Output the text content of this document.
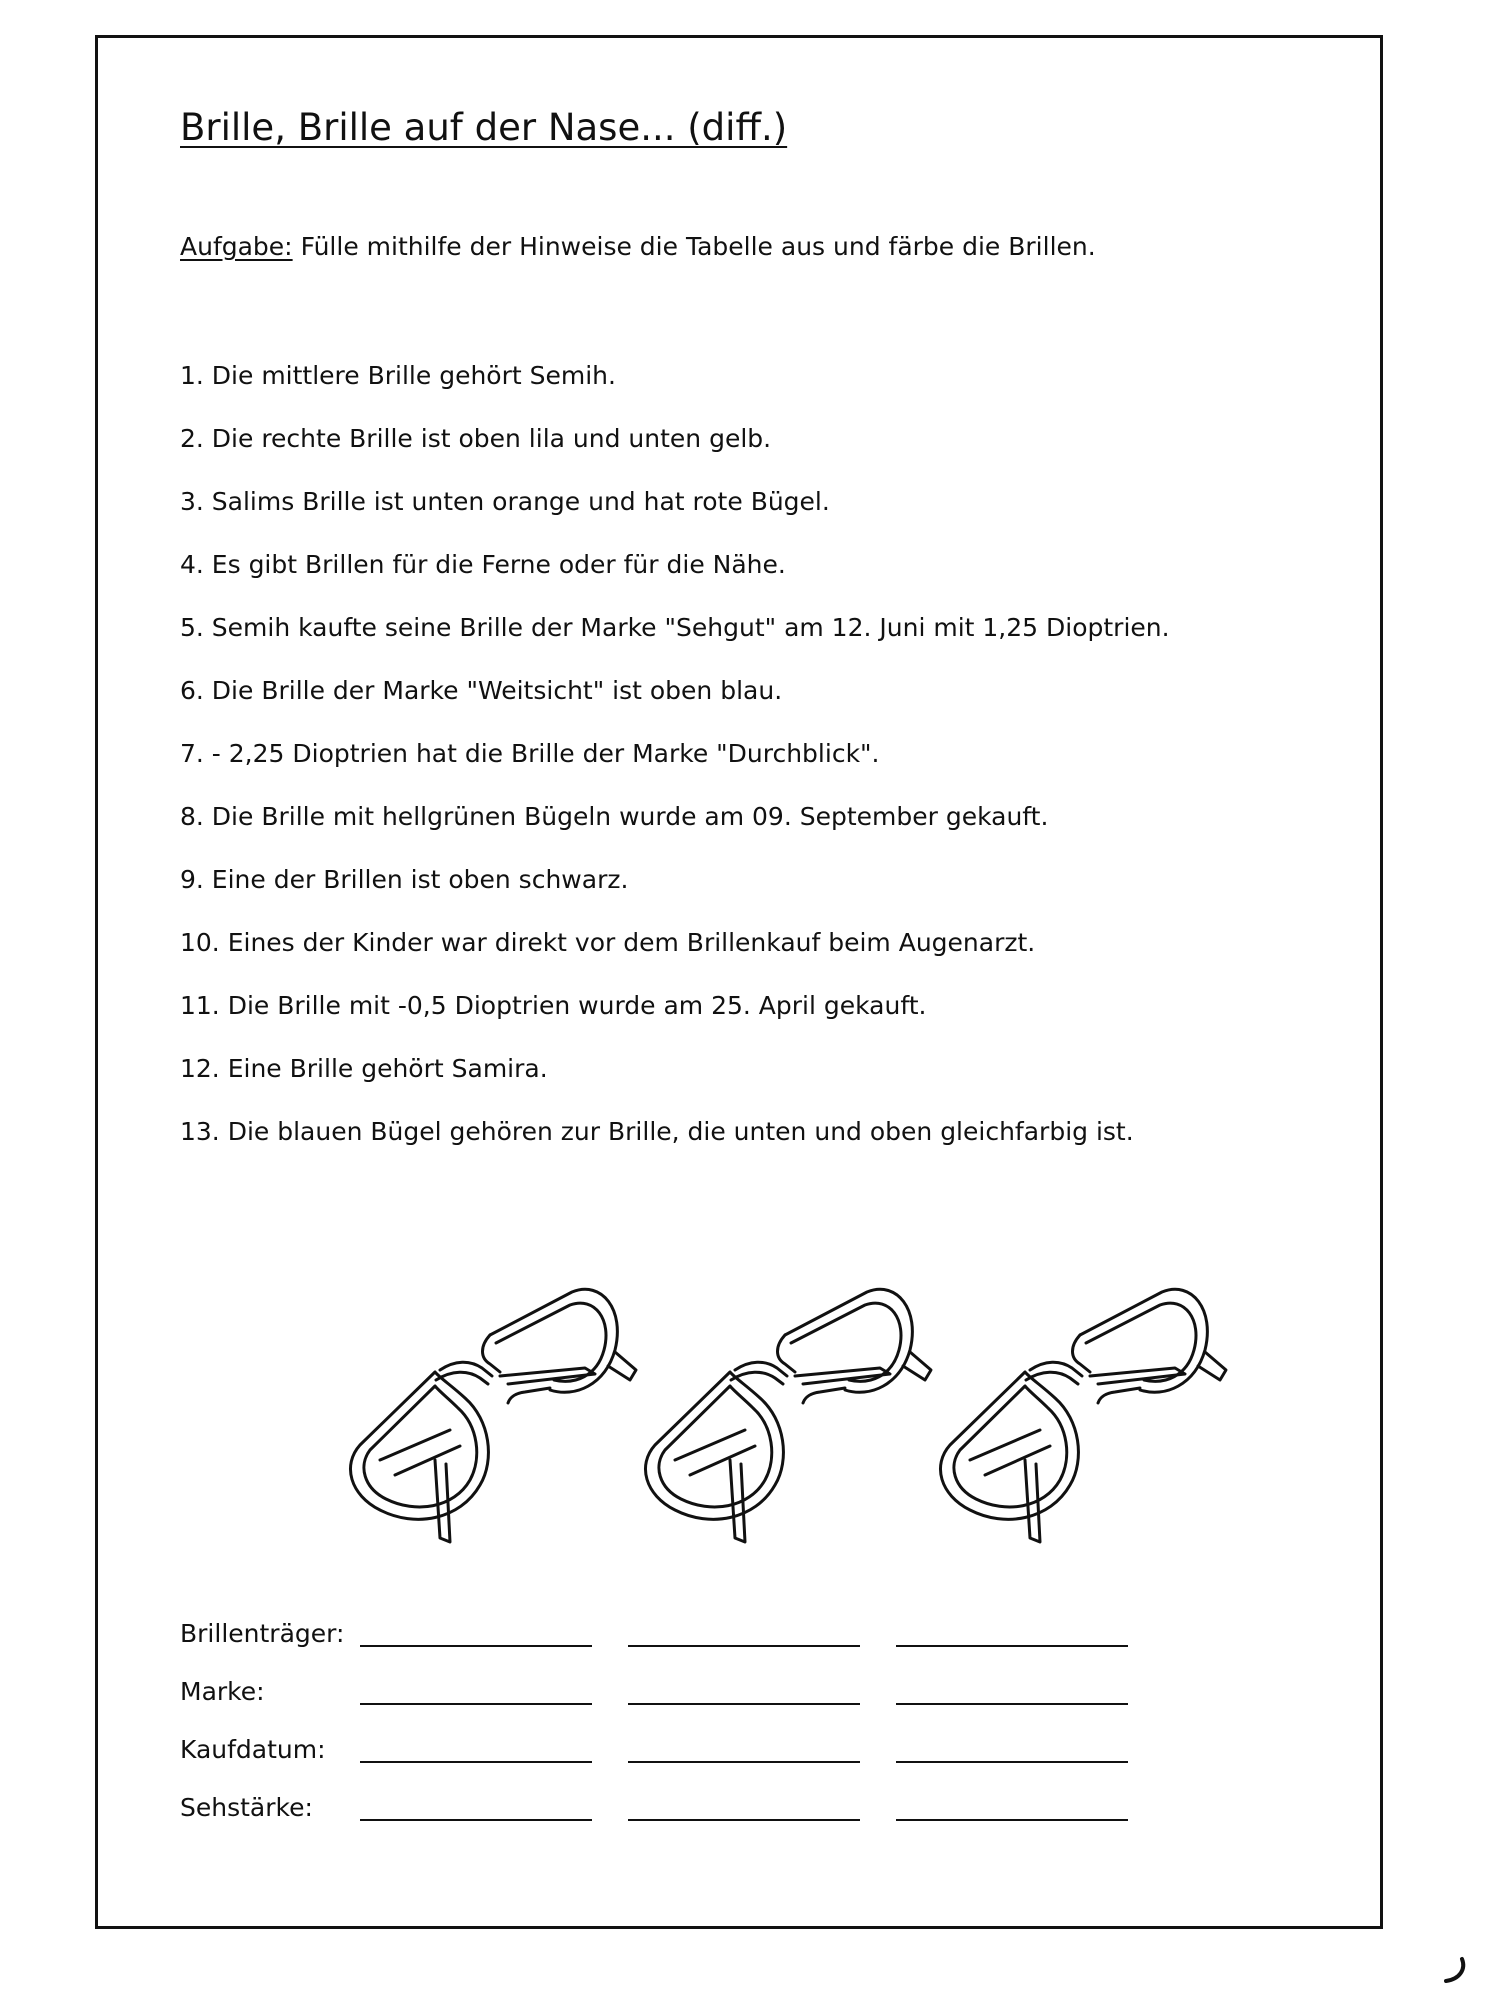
Brille, Brille auf der Nase... (diff.)
Aufgabe: Fülle mithilfe der Hinweise die Tabelle aus und färbe die Brillen.
1. Die mittlere Brille gehört Semih.
2. Die rechte Brille ist oben lila und unten gelb.
3. Salims Brille ist unten orange und hat rote Bügel.
4. Es gibt Brillen für die Ferne oder für die Nähe.
5. Semih kaufte seine Brille der Marke "Sehgut" am 12. Juni mit 1,25 Dioptrien.
6. Die Brille der Marke "Weitsicht" ist oben blau.
7. - 2,25 Dioptrien hat die Brille der Marke "Durchblick".
8. Die Brille mit hellgrünen Bügeln wurde am 09. September gekauft.
9. Eine der Brillen ist oben schwarz.
10. Eines der Kinder war direkt vor dem Brillenkauf beim Augenarzt.
11. Die Brille mit -0,5 Dioptrien wurde am 25. April gekauft.
12. Eine Brille gehört Samira.
13. Die blauen Bügel gehören zur Brille, die unten und oben gleichfarbig ist.
Brillenträger:
Marke:
Kaufdatum:
Sehstärke:
